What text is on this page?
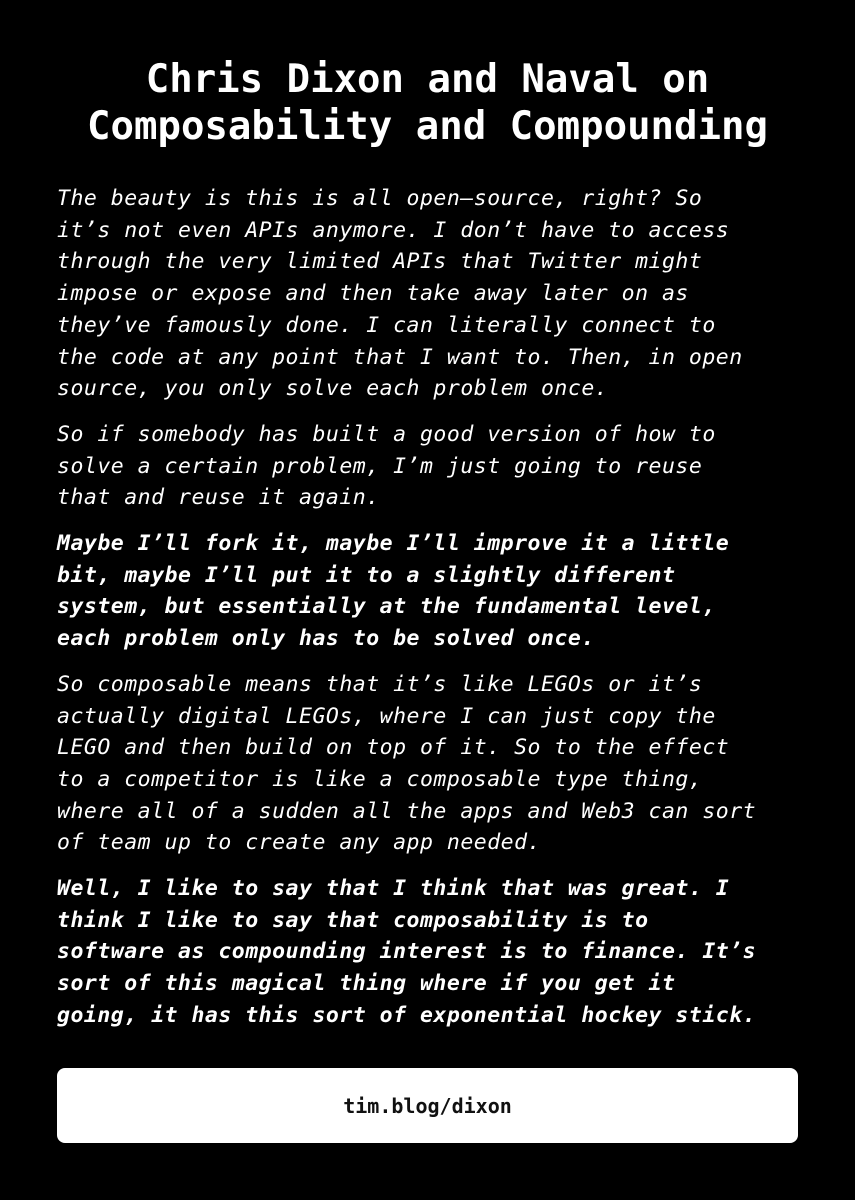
Chris Dixon and Naval on
Composability and Compounding

The beauty is this is all open–source, right? So
it’s not even APIs anymore. I don’t have to access
through the very limited APIs that Twitter might
impose or expose and then take away later on as
they’ve famously done. I can literally connect to
the code at any point that I want to. Then, in open
source, you only solve each problem once.

So if somebody has built a good version of how to
solve a certain problem, I’m just going to reuse
that and reuse it again.

Maybe I’ll fork it, maybe I’ll improve it a little
bit, maybe I’ll put it to a slightly different
system, but essentially at the fundamental level,
each problem only has to be solved once.

So composable means that it’s like LEGOs or it’s
actually digital LEGOs, where I can just copy the
LEGO and then build on top of it. So to the effect
to a competitor is like a composable type thing,
where all of a sudden all the apps and Web3 can sort
of team up to create any app needed.

Well, I like to say that I think that was great. I
think I like to say that composability is to
software as compounding interest is to finance. It’s
sort of this magical thing where if you get it
going, it has this sort of exponential hockey stick.

tim.blog/dixon
